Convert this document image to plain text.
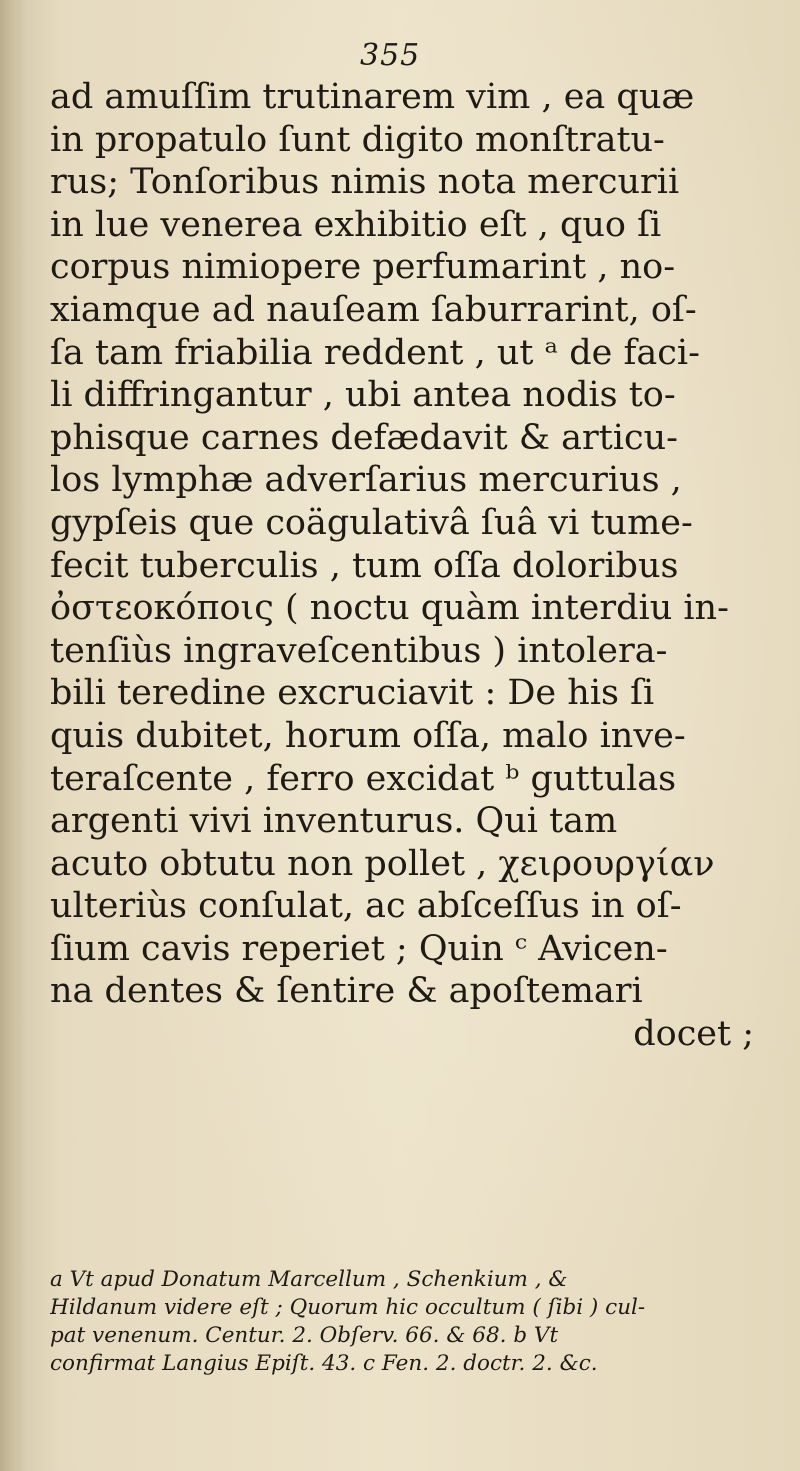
355
ad amuſſim trutinarem vim , ea quæ
in propatulo ſunt digito monſtratu-
rus; Tonſoribus nimis nota mercurii
in lue venerea exhibitio eſt , quo ſi
corpus nimiopere perfumarint , no-
xiamque ad nauſeam ſaburrarint, oſ-
ſa tam friabilia reddent , ut ᵃ de faci-
li diffringantur , ubi antea nodis to-
phisque carnes defædavit & articu-
los lymphæ adverſarius mercurius ,
gypſeis que coägulativâ ſuâ vi tume-
fecit tuberculis , tum oſſa doloribus
ὀστεοκόποις ( noctu quàm interdiu in-
tenſiùs ingraveſcentibus ) intolera-
bili teredine excruciavit : De his ſi
quis dubitet, horum oſſa, malo inve-
teraſcente , ferro excidat ᵇ guttulas
argenti vivi inventurus. Qui tam
acuto obtutu non pollet , χειρουργίαν
ulteriùs conſulat, ac abſceſſus in oſ-
ſium cavis reperiet ; Quin ᶜ Avicen-
na dentes & ſentire & apoſtemari
docet ;
a Vt apud Donatum Marcellum , Schenkium , &
Hildanum videre eſt ; Quorum hic occultum ( ſibi ) cul-
pat venenum. Centur. 2. Obſerv. 66. & 68. b Vt
confirmat Langius Epiſt. 43. c Fen. 2. doctr. 2. &c.
